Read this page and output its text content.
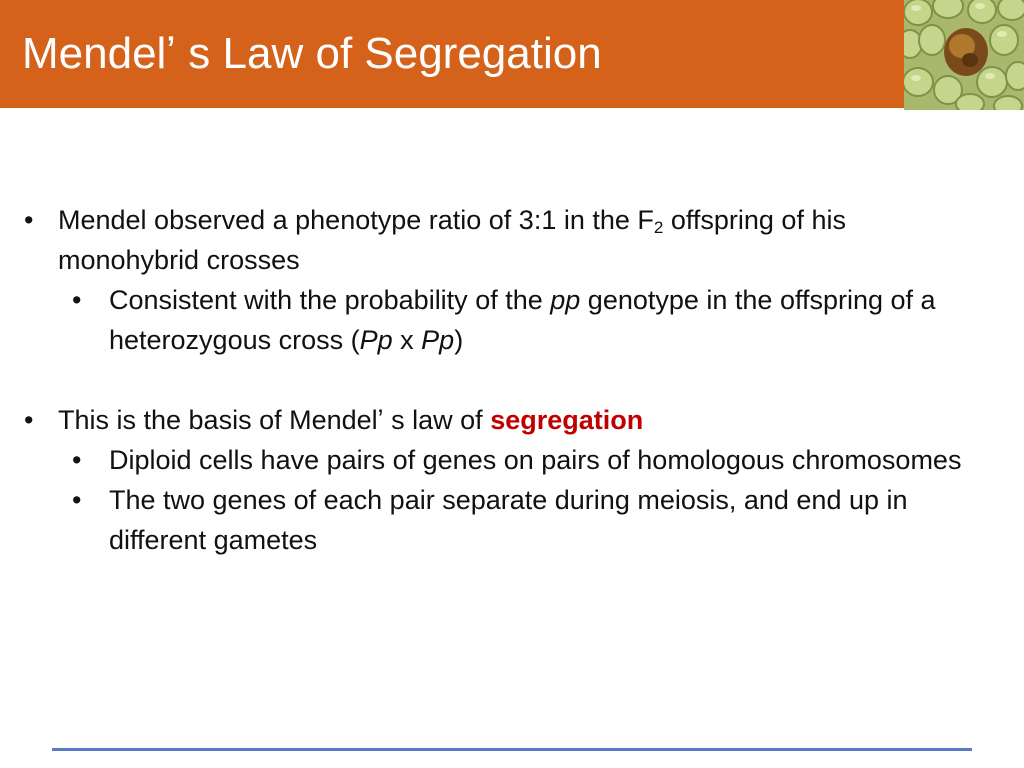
Mendelʼ s Law of Segregation

• Mendel observed a phenotype ratio of 3:1 in the $F_2$ offspring of his monohybrid crosses

• Consistent with the probability of the pp genotype in the offspring of a heterozygous cross (Pp x Pp)

• This is the basis of Mendelʼ s law of segregation

• Diploid cells have pairs of genes on pairs of homologous chromosomes

• The two genes of each pair separate during meiosis, and end up in different gametes
